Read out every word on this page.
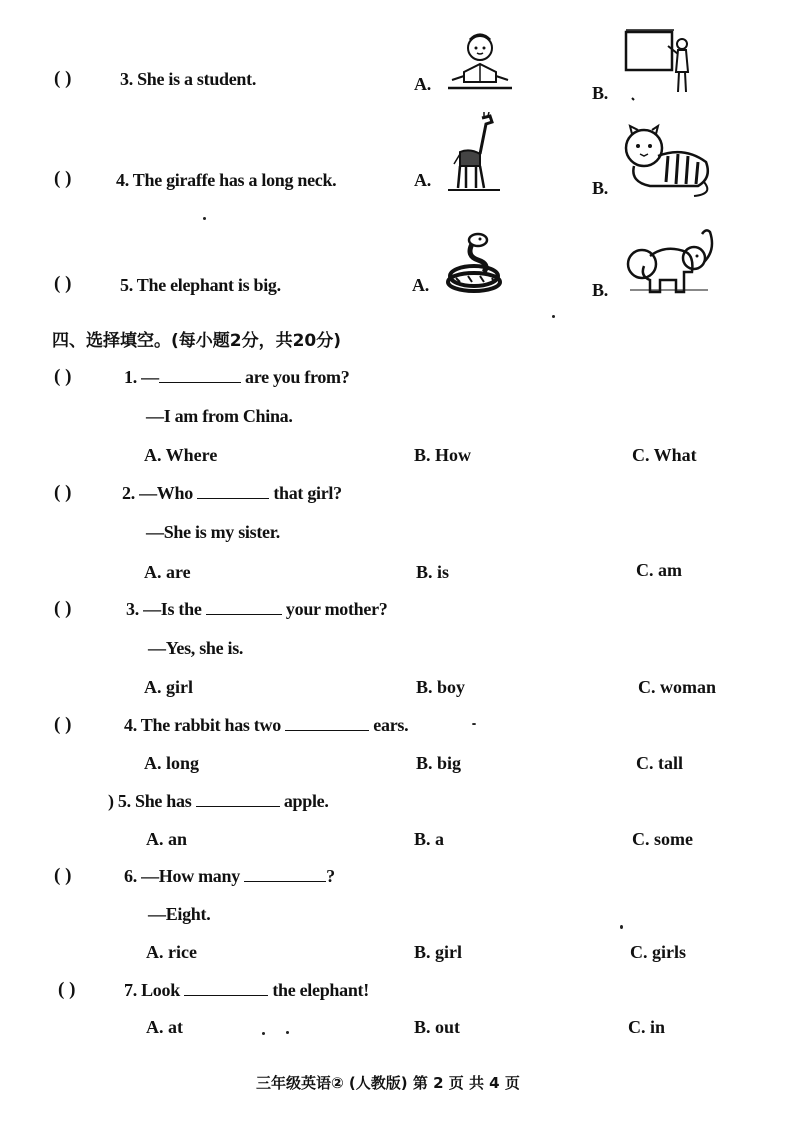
( )	3. She is a student.	A.	B.
( ) 4. The giraffe has a long neck.	A.	B.
( )	5. The elephant is big.	A.	B.
四、选择填空。(每小题2分，共20分)
( )	1. —	are you from?
—I am from China.
A. Where	B. How	C. What
( )	2. —Who	that girl?
—She is my sister.
A. are	B. is	C. am
( )	3. —Is the	your mother?
—Yes, she is.
A. girl	B. boy	C. woman
( )	4. The rabbit has two	ears.
A. long	B. big	C. tall
) 5. She has	apple.
A. an	B. a	C. some
( )	6. —How many	?
—Eight.
A. rice	B. girl	C. girls
( )	7. Look	the elephant!
A. at	B. out	C. in
三年级英语② (人教版) 第 2 页 共 4 页
